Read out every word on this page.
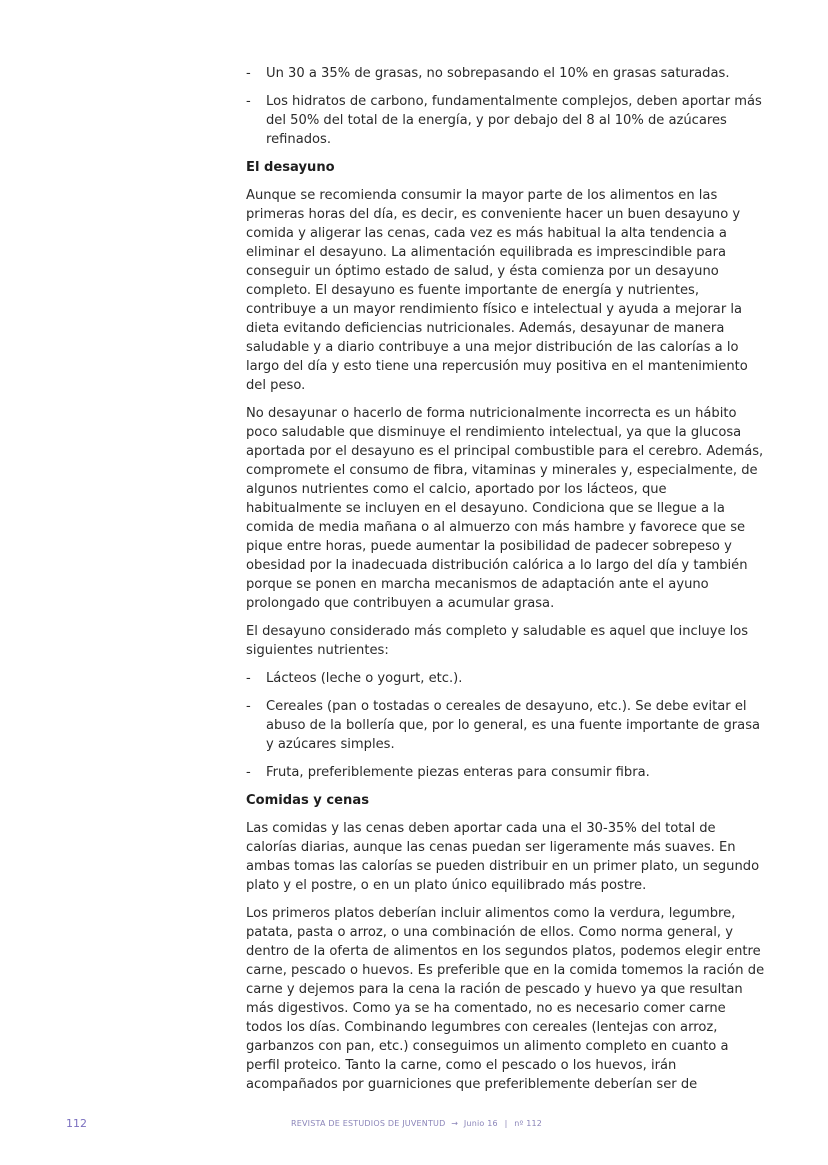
- Un 30 a 35% de grasas, no sobrepasando el 10% en grasas saturadas.
- Los hidratos de carbono, fundamentalmente complejos, deben aportar más del 50% del total de la energía, y por debajo del 8 al 10% de azúcares refinados.
El desayuno

Aunque se recomienda consumir la mayor parte de los alimentos en las primeras horas del día, es decir, es conveniente hacer un buen desayuno y comida y aligerar las cenas, cada vez es más habitual la alta tendencia a eliminar el desayuno. La alimentación equilibrada es imprescindible para conseguir un óptimo estado de salud, y ésta comienza por un desayuno completo. El desayuno es fuente importante de energía y nutrientes, contribuye a un mayor rendimiento físico e intelectual y ayuda a mejorar la dieta evitando deficiencias nutricionales. Además, desayunar de manera saludable y a diario contribuye a una mejor distribución de las calorías a lo largo del día y esto tiene una repercusión muy positiva en el mantenimiento del peso.

No desayunar o hacerlo de forma nutricionalmente incorrecta es un hábito poco saludable que disminuye el rendimiento intelectual, ya que la glucosa aportada por el desayuno es el principal combustible para el cerebro. Además, compromete el consumo de fibra, vitaminas y minerales y, especialmente, de algunos nutrientes como el calcio, aportado por los lácteos, que habitualmente se incluyen en el desayuno. Condiciona que se llegue a la comida de media mañana o al almuerzo con más hambre y favorece que se pique entre horas, puede aumentar la posibilidad de padecer sobrepeso y obesidad por la inadecuada distribución calórica a lo largo del día y también porque se ponen en marcha mecanismos de adaptación ante el ayuno prolongado que contribuyen a acumular grasa.

El desayuno considerado más completo y saludable es aquel que incluye los siguientes nutrientes:

- Lácteos (leche o yogurt, etc.).
- Cereales (pan o tostadas o cereales de desayuno, etc.). Se debe evitar el abuso de la bollería que, por lo general, es una fuente importante de grasa y azúcares simples.
- Fruta, preferiblemente piezas enteras para consumir fibra.
Comidas y cenas

Las comidas y las cenas deben aportar cada una el 30-35% del total de calorías diarias, aunque las cenas puedan ser ligeramente más suaves. En ambas tomas las calorías se pueden distribuir en un primer plato, un segundo plato y el postre, o en un plato único equilibrado más postre.

Los primeros platos deberían incluir alimentos como la verdura, legumbre, patata, pasta o arroz, o una combinación de ellos. Como norma general, y dentro de la oferta de alimentos en los segundos platos, podemos elegir entre carne, pescado o huevos. Es preferible que en la comida tomemos la ración de carne y dejemos para la cena la ración de pescado y huevo ya que resultan más digestivos. Como ya se ha comentado, no es necesario comer carne todos los días. Combinando legumbres con cereales (lentejas con arroz, garbanzos con pan, etc.) conseguimos un alimento completo en cuanto a perfil proteico. Tanto la carne, como el pescado o los huevos, irán acompañados por guarniciones que preferiblemente deberían ser de

112	REVISTA DE ESTUDIOS DE JUVENTUD → Junio 16 | nº 112
